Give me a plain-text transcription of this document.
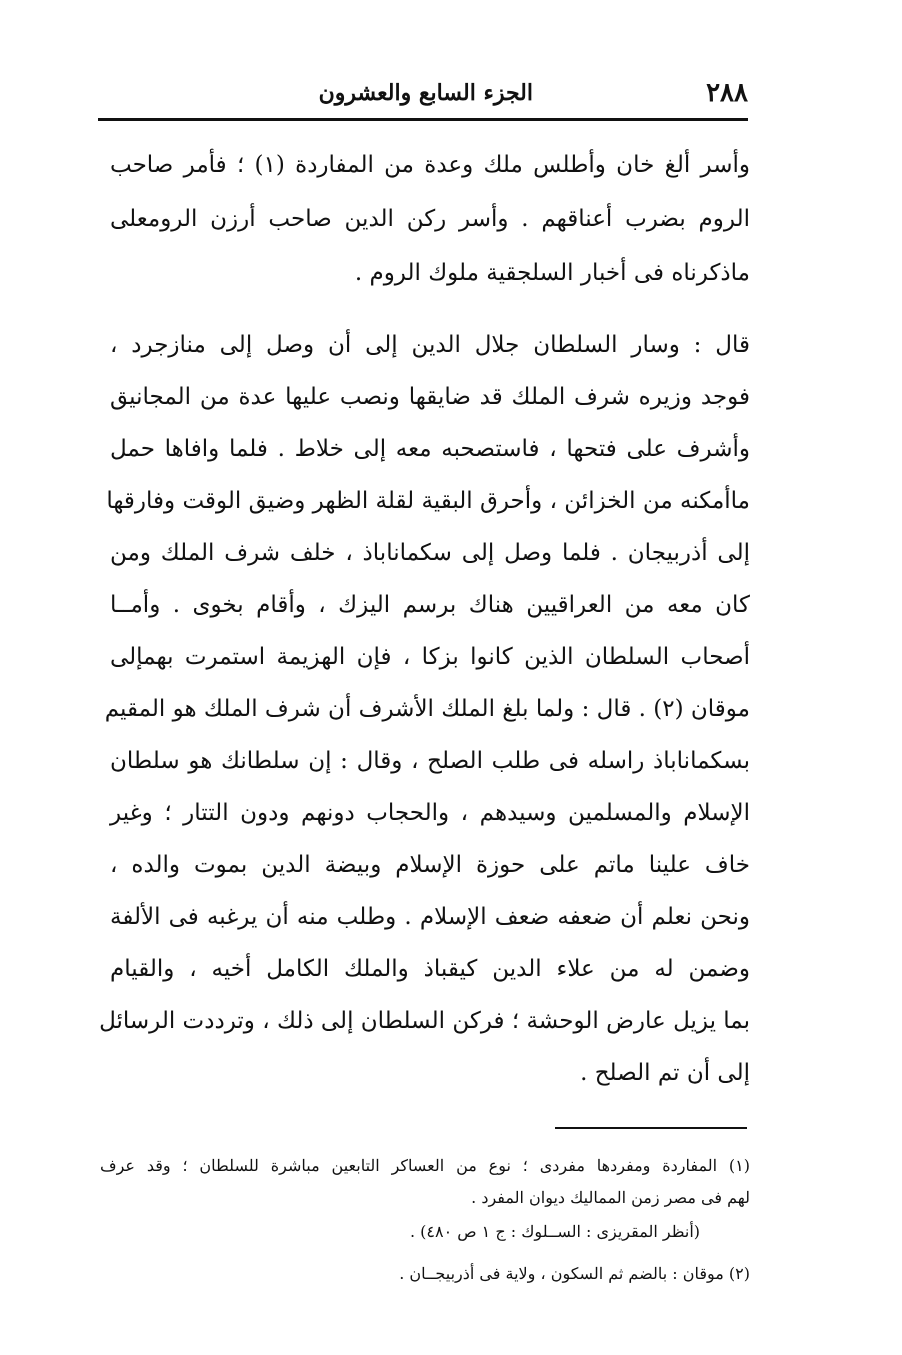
٢٨٨
الجزء السابع والعشرون
وأسر ألغ خان وأطلس ملك وعدة من المفاردة (١) ؛ فأمر صاحب
الروم بضرب أعناقهم . وأسر ركن الدين صاحب أرزن الرومعلى
ماذكرناه فى أخبار السلجقية ملوك الروم .
قال : وسار السلطان جلال الدين إلى أن وصل إلى منازجرد ،
فوجد وزيره شرف الملك قد ضايقها ونصب عليها عدة من المجانيق
وأشرف على فتحها ، فاستصحبه معه إلى خلاط . فلما وافاها حمل
ماأمكنه من الخزائن ، وأحرق البقية لقلة الظهر وضيق الوقت وفارقها
إلى أذربيجان . فلما وصل إلى سكماناباذ ، خلف شرف الملك ومن
كان معه من العراقيين هناك برسم اليزك ، وأقام بخوى . وأمــا
أصحاب السلطان الذين كانوا بزكا ، فإن الهزيمة استمرت بهمإلى
موقان (٢) . قال : ولما بلغ الملك الأشرف أن شرف الملك هو المقيم
بسكماناباذ راسله فى طلب الصلح ، وقال : إن سلطانك هو سلطان
الإسلام والمسلمين وسيدهم ، والحجاب دونهم ودون التتار ؛ وغير
خاف علينا ماتم على حوزة الإسلام وبيضة الدين بموت والده ،
ونحن نعلم أن ضعفه ضعف الإسلام . وطلب منه أن يرغبه فى الألفة
وضمن له من علاء الدين كيقباذ والملك الكامل أخيه ، والقيام
بما يزيل عارض الوحشة ؛ فركن السلطان إلى ذلك ، وترددت الرسائل
إلى أن تم الصلح .
(١) المفاردة ومفردها مفردى ؛ نوع من العساكر التابعين مباشرة للسلطان ؛ وقد عرف
لهم فى مصر زمن المماليك ديوان المفرد .
(أنظر المقريزى : الســلوك : ج ١ ص ٤٨٠) .
(٢) موقان : بالضم ثم السكون ، ولاية فى أذربيجــان .
